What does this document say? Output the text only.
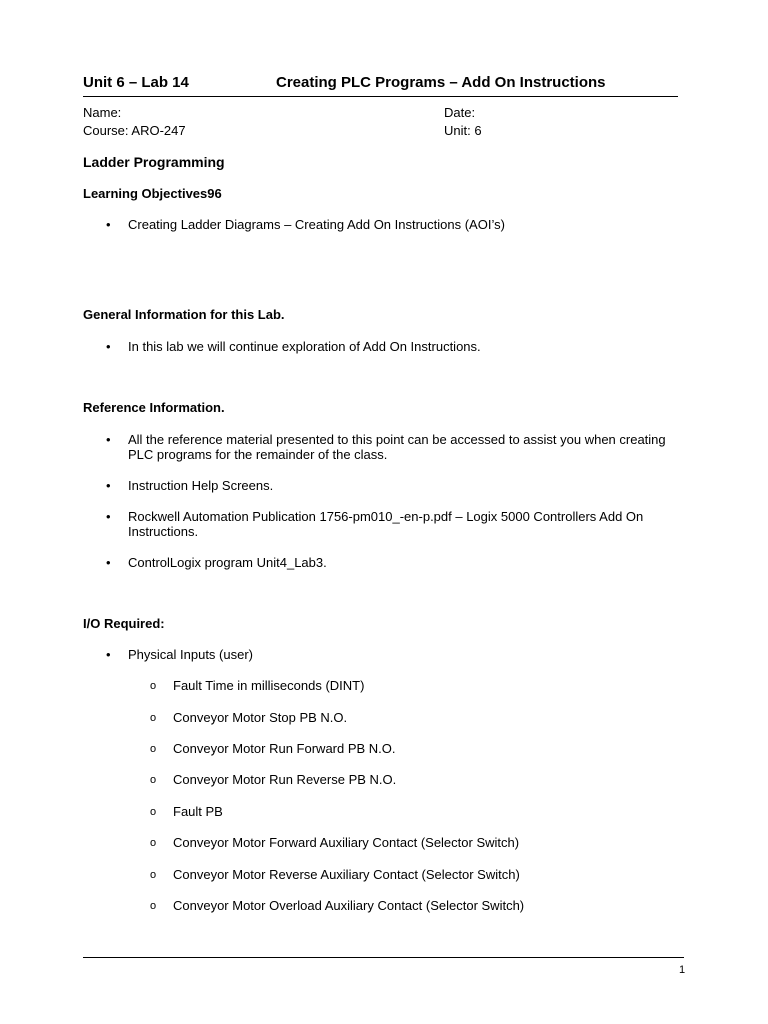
Unit 6 – Lab 14	Creating PLC Programs – Add On Instructions
Name:	Date:
Course: ARO-247	Unit: 6
Ladder Programming
Learning Objectives96
• Creating Ladder Diagrams – Creating Add On Instructions (AOI’s)
General Information for this Lab.
• In this lab we will continue exploration of Add On Instructions.
Reference Information.
• All the reference material presented to this point can be accessed to assist you when creating PLC programs for the remainder of the class.
• Instruction Help Screens.
• Rockwell Automation Publication 1756-pm010_-en-p.pdf – Logix 5000 Controllers Add On Instructions.
• ControlLogix program Unit4_Lab3.
I/O Required:
• Physical Inputs (user)
o Fault Time in milliseconds (DINT)
o Conveyor Motor Stop PB N.O.
o Conveyor Motor Run Forward PB N.O.
o Conveyor Motor Run Reverse PB N.O.
o Fault PB
o Conveyor Motor Forward Auxiliary Contact (Selector Switch)
o Conveyor Motor Reverse Auxiliary Contact (Selector Switch)
o Conveyor Motor Overload Auxiliary Contact (Selector Switch)
1
